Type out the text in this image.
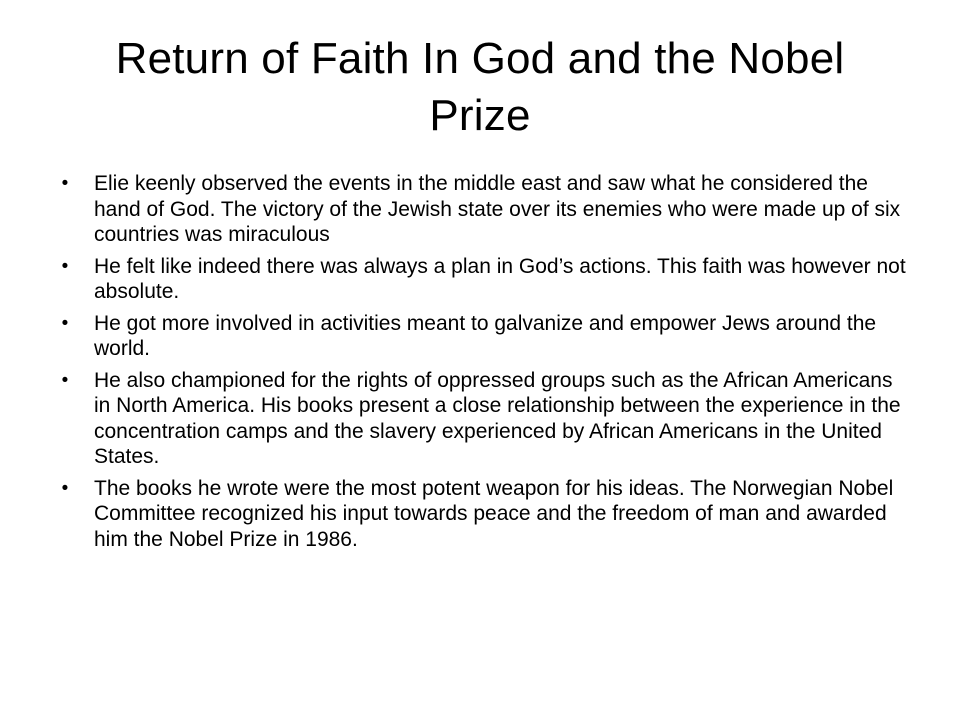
Return of Faith In God and the Nobel Prize
• Elie keenly observed the events in the middle east and saw what he considered the hand of God. The victory of the Jewish state over its enemies who were made up of six countries was miraculous
• He felt like indeed there was always a plan in God’s actions. This faith was however not absolute.
• He got more involved in activities meant to galvanize and empower Jews around the world.
• He also championed for the rights of oppressed groups such as the African Americans in North America. His books present a close relationship between the experience in the concentration camps and the slavery experienced by African Americans in the United States.
• The books he wrote were the most potent weapon for his ideas. The Norwegian Nobel Committee recognized his input towards peace and the freedom of man and awarded him the Nobel Prize in 1986.
